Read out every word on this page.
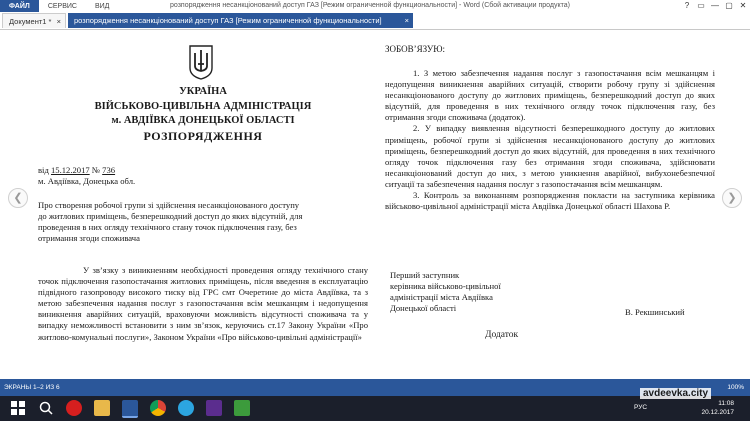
ФАЙЛ	СЕРВИС	ВИД	розпорядження несанкціонований доступ ГАЗ [Режим ограниченной функциональности] - Word (Сбой активации продукта)	?	▭ — ▢ ✕
Документ1 * ×	розпорядження несанкціонований доступ ГАЗ [Режим ограниченной функциональности]	×
❮	❯
УКРАЇНА
ВІЙСЬКОВО-ЦИВІЛЬНА АДМІНІСТРАЦІЯ
м. АВДІЇВКА ДОНЕЦЬКОЇ ОБЛАСТІ
РОЗПОРЯДЖЕННЯ
від 15.12.2017 № 736
м. Авдіївка, Донецька обл.
Про створення робочої групи зі здійснення несанкціонованого доступу до житлових приміщень, безперешкодний доступ до яких відсутній, для проведення в них огляду технічного стану точок підключення газу, без отримання згоди споживача
У зв’язку з виникненням необхідності проведення огляду технічного стану точок підключення газопостачання житлових приміщень, після введення в експлуатацію підвідного газопроводу високого тиску від ГРС смт Очеретине до міста Авдіївка, та з метою забезпечення надання послуг з газопостачання всім мешканцям і недопущення виникнення аварійних ситуацій, враховуючи можливість відсутності споживача та у випадку неможливості встановити з ним зв’язок, керуючись ст.17 Закону України «Про житлово-комунальні послуги», Законом України «Про військово-цивільні адміністрації»
ЗОБОВ’ЯЗУЮ:

1. З метою забезпечення надання послуг з газопостачання всім мешканцям і недопущення виникнення аварійних ситуацій, створити робочу групу зі здійснення несанкціонованого доступу до житлових приміщень, безперешкодний доступ до яких відсутній, для проведення в них технічного огляду точок підключення газу, без отримання згоди споживача (додаток).

2. У випадку виявлення відсутності безперешкодного доступу до житлових приміщень, робочої групи зі здійснення несанкціонованого доступу до житлових приміщень, безперешкодний доступ до яких відсутній, для проведення в них технічного огляду точок підключення газу без отримання згоди споживача, здійснювати несанкціонований доступ до них, з метою уникнення аварійної, вибухонебезпечної ситуації та забезпечення надання послуг з газопостачання всім мешканцям.

3. Контроль за виконанням розпорядження покласти на заступника керівника військово-цивільної адміністрації міста Авдіївка Донецької області Шахова Р.

Перший заступник
керівника військово-цивільної
адміністрації міста Авдіївка
Донецької області	В. Рекшинський
Додаток
ЭКРАНЫ 1–2 ИЗ 6	100%
РУС
11:08
20.12.2017
avdeevka.city
